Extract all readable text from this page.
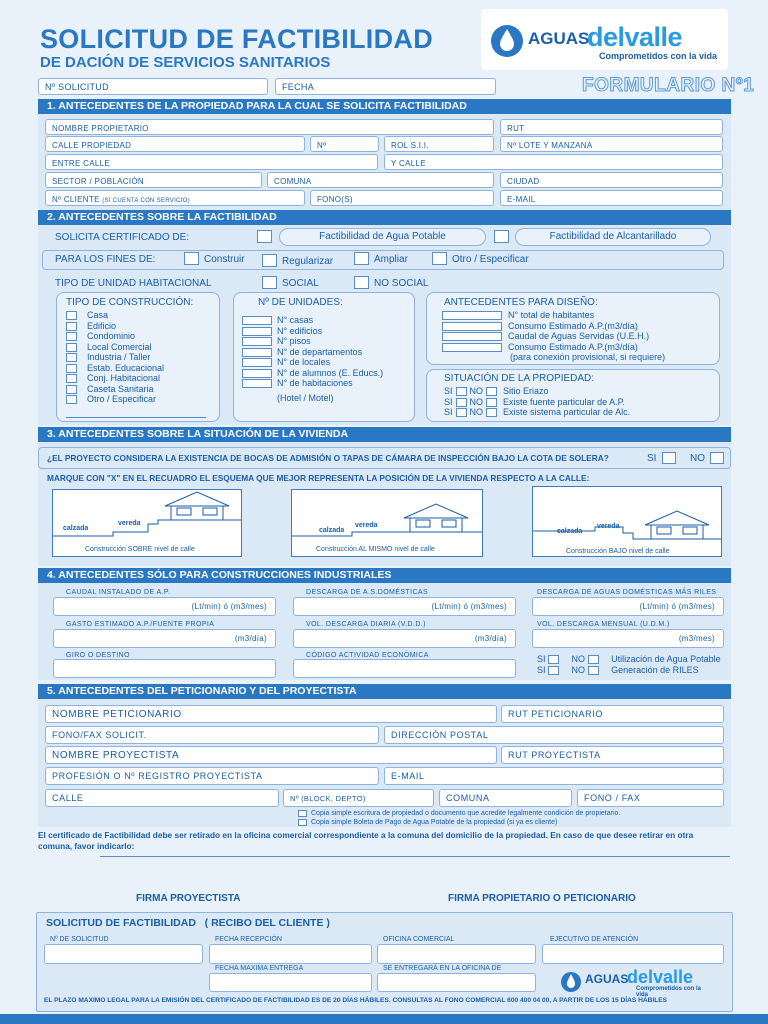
SOLICITUD DE FACTIBILIDAD
DE DACIÓN DE SERVICIOS SANITARIOS
AGUAS
delvalle
Comprometidos con la vida
Nº SOLICITUD	FECHA	FORMULARIO Nº1
1. ANTECEDENTES DE LA PROPIEDAD PARA LA CUAL SE SOLICITA FACTIBILIDAD
NOMBRE PROPIETARIO	RUT
CALLE PROPIEDAD	Nº	ROL S.I.I.	Nº LOTE Y MANZANA
ENTRE CALLE	Y CALLE
SECTOR / POBLACIÓN	COMUNA	CIUDAD
Nº CLIENTE (SI CUENTA CON SERVICIO)	FONO(S)	E-MAIL
2. ANTECEDENTES SOBRE LA FACTIBILIDAD
SOLICITA CERTIFICADO DE:	Factibilidad de Agua Potable	Factibilidad de Alcantarillado
PARA LOS FINES DE:	Construir	Regularizar	Ampliar	Otro / Especificar
TIPO DE UNIDAD HABITACIONAL	SOCIAL	NO SOCIAL
TIPO DE CONSTRUCCIÓN:
Casa
Edificio
Condominio
Local Comercial
Industria / Taller
Estab. Educacional
Conj. Habitacional
Caseta Sanitaria
Otro / Especificar
Nº DE UNIDADES:
N° casas
N° edificios
N° pisos
N° de departamentos
N° de locales
N° de alumnos (E. Educs.)
N° de habitaciones
(Hotel / Motel)
ANTECEDENTES PARA DISEÑO:
N° total de habitantes
Consumo Estimado A.P.(m3/día)
Caudal de Aguas Servidas (U.E.H.)
Consumo Estimado A.P.(m3/día)
(para conexión provisional, si requiere)
SITUACIÓN DE LA PROPIEDAD:
SI NO Sitio Eriazo
SI NO Existe fuente particular de A.P.
SI NO Existe sistema particular de Alc.
3. ANTECEDENTES SOBRE LA SITUACIÓN DE LA VIVIENDA
¿EL PROYECTO CONSIDERA LA EXISTENCIA DE BOCAS DE ADMISIÓN O TAPAS DE CÁMARA DE INSPECCIÓN BAJO LA COTA DE SOLERA?	SI	NO
MARQUE CON "X" EN EL RECUADRO EL ESQUEMA QUE MEJOR REPRESENTA LA POSICIÓN DE LA VIVIENDA RESPECTO A LA CALLE:
calzada
vereda
Construcción SOBRE nivel de calle
calzada
vereda
Construcción AL MISMO nivel de calle
calzada
vereda
Construcción BAJO nivel de calle
4. ANTECEDENTES SÓLO PARA CONSTRUCCIONES INDUSTRIALES
CAUDAL INSTALADO DE A.P.
(Lt/min) ó (m3/mes)
DESCARGA DE A.S.DOMÉSTICAS
(Lt/min) ó (m3/mes)
DESCARGA DE AGUAS DOMÉSTICAS MÁS RILES
(Lt/min) ó (m3/mes)
GASTO ESTIMADO A.P./FUENTE PROPIA
(m3/día)
VOL. DESCARGA DIARIA (V.D.D.)
(m3/día)
VOL. DESCARGA MENSUAL (U.D.M.)
(m3/mes)
GIRO O DESTINO	CÓDIGO ACTIVIDAD ECONÓMICA	SI	NO	Utilización de Agua Potable
SI	NO	Generación de RILES
5. ANTECEDENTES DEL PETICIONARIO Y DEL PROYECTISTA
NOMBRE PETICIONARIO	RUT PETICIONARIO
FONO/FAX SOLICIT.	DIRECCIÓN POSTAL
NOMBRE PROYECTISTA	RUT PROYECTISTA
PROFESIÓN O Nº REGISTRO PROYECTISTA	E-MAIL
CALLE	Nº (BLOCK, DEPTO)	COMUNA	FONO / FAX
Copia simple escritura de propiedad o documento que acredite legalmente condición de propietario.
Copia simple Boleta de Pago de Agua Potable de la propiedad (si ya es cliente)
El certificado de Factibilidad debe ser retirado en la oficina comercial correspondiente a la comuna del domicilio de la propiedad. En caso de que desee retirar en otra comuna, favor indicarlo:
FIRMA PROYECTISTA	FIRMA PROPIETARIO O PETICIONARIO
SOLICITUD DE FACTIBILIDAD   ( RECIBO DEL CLIENTE )
Nº DE SOLICITUD	FECHA RECEPCIÓN	OFICINA COMERCIAL	EJECUTIVO DE ATENCIÓN
FECHA MAXIMA ENTREGA	SE ENTREGARÁ EN LA OFICINA DE
AGUAS
delvalle
Comprometidos con la vida
EL PLAZO MAXIMO LEGAL PARA LA EMISIÓN DEL CERTIFICADO DE FACTIBILIDAD ES DE 20 DÍAS HÁBILES. CONSULTAS AL FONO COMERCIAL 600 400 04 00, A PARTIR DE LOS 15 DÍAS HÁBILES
